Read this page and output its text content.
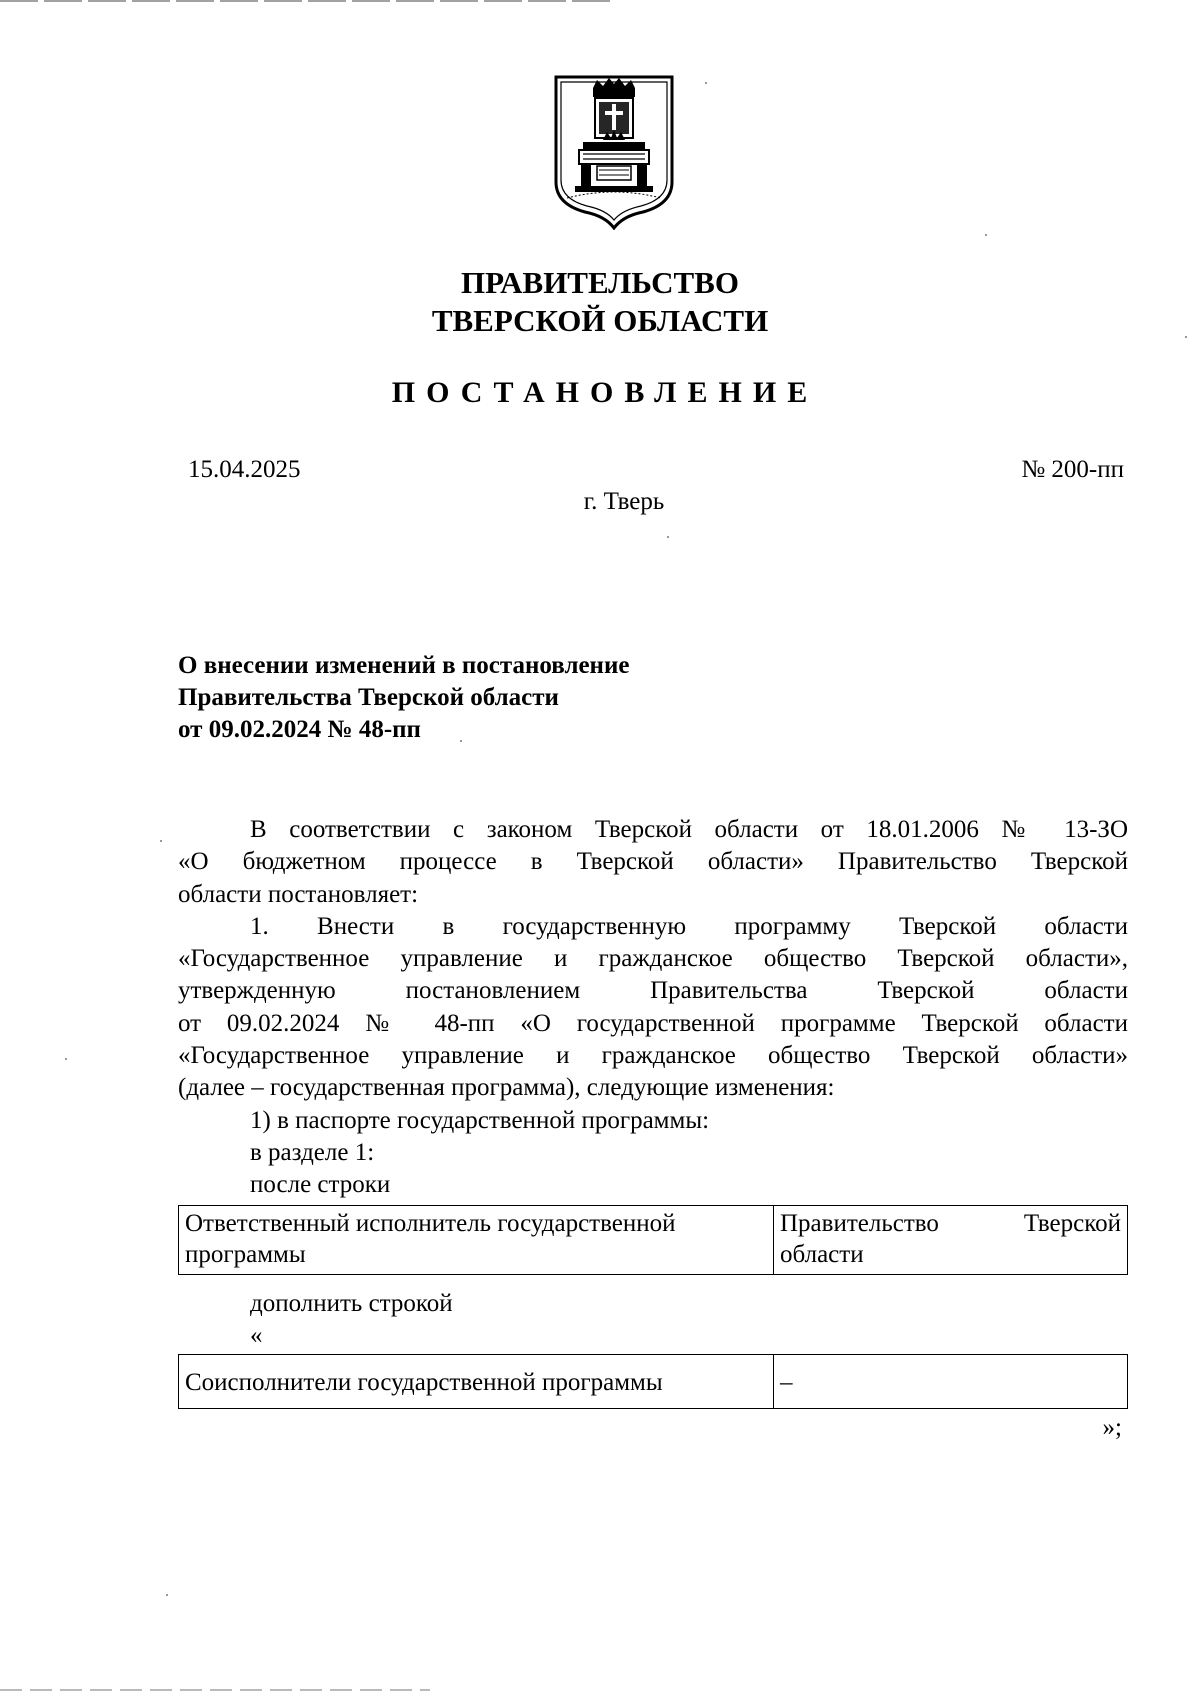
ПРАВИТЕЛЬСТВО
ТВЕРСКОЙ ОБЛАСТИ
ПОСТАНОВЛЕНИЕ
15.04.2025	№ 200-пп
г. Тверь
О внесении изменений в постановление
Правительства Тверской области
от 09.02.2024 № 48-пп

В соответствии с законом Тверской области от 18.01.2006 № 13-ЗО

«О бюджетном процессе в Тверской области» Правительство Тверской

области постановляет:

1. Внести в государственную программу Тверской области

«Государственное управление и гражданское общество Тверской области»,

утвержденную постановлением Правительства Тверской области

от 09.02.2024 № 48-пп «О государственной программе Тверской области

«Государственное управление и гражданское общество Тверской области»

(далее – государственная программа), следующие изменения:

1) в паспорте государственной программы:

в разделе 1:

после строки

Ответственный исполнитель государственной программы	Правительство Тверской области
дополнить строкой
«
Соисполнители государственной программы	–
»;
